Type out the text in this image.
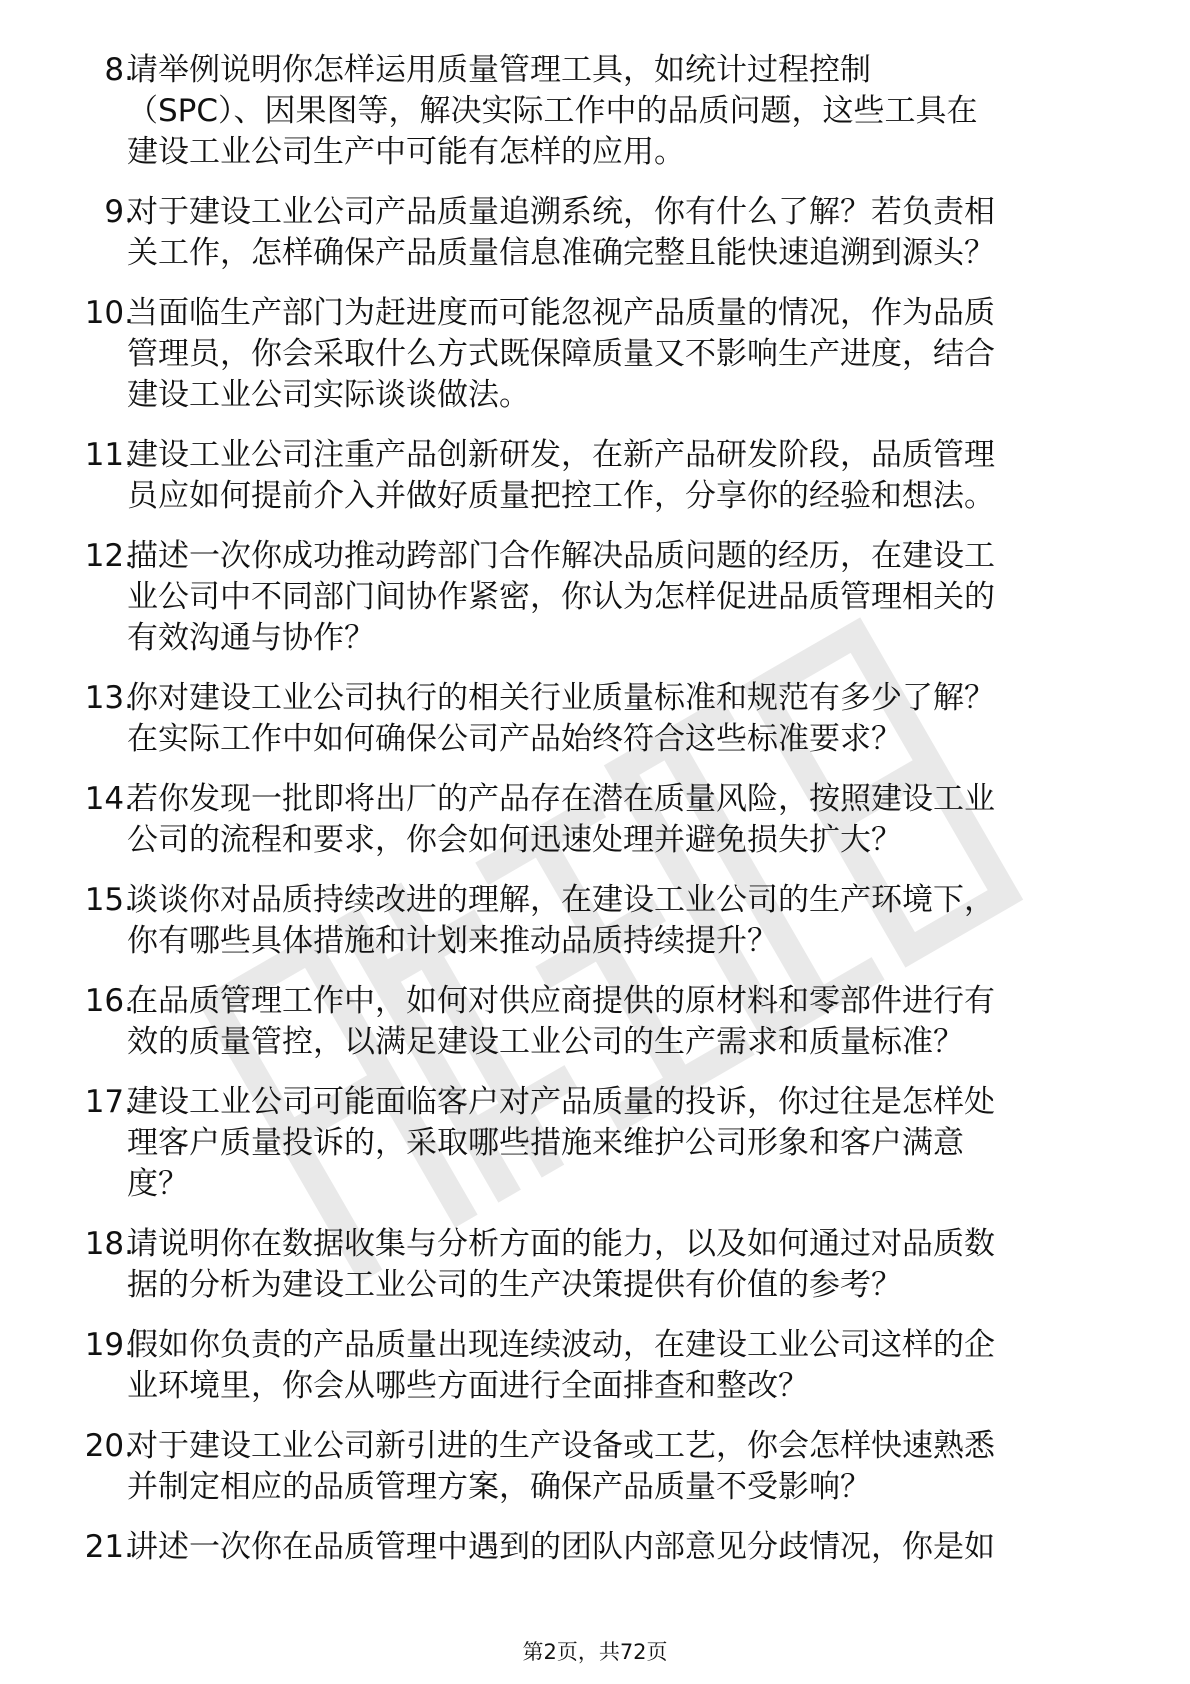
8.
请举例说明你怎样运用质量管理工具，如统计过程控制
（SPC）、因果图等，解决实际工作中的品质问题，这些工具在
建设工业公司生产中可能有怎样的应用。
9.
对于建设工业公司产品质量追溯系统，你有什么了解？若负责相
关工作，怎样确保产品质量信息准确完整且能快速追溯到源头？
10.
当面临生产部门为赶进度而可能忽视产品质量的情况，作为品质
管理员，你会采取什么方式既保障质量又不影响生产进度，结合
建设工业公司实际谈谈做法。
11.
建设工业公司注重产品创新研发，在新产品研发阶段，品质管理
员应如何提前介入并做好质量把控工作，分享你的经验和想法。
12.
描述一次你成功推动跨部门合作解决品质问题的经历，在建设工
业公司中不同部门间协作紧密，你认为怎样促进品质管理相关的
有效沟通与协作？
13.
你对建设工业公司执行的相关行业质量标准和规范有多少了解？
在实际工作中如何确保公司产品始终符合这些标准要求？
14.
若你发现一批即将出厂的产品存在潜在质量风险，按照建设工业
公司的流程和要求，你会如何迅速处理并避免损失扩大？
15.
谈谈你对品质持续改进的理解，在建设工业公司的生产环境下，
你有哪些具体措施和计划来推动品质持续提升？
16.
在品质管理工作中，如何对供应商提供的原材料和零部件进行有
效的质量管控，以满足建设工业公司的生产需求和质量标准？
17.
建设工业公司可能面临客户对产品质量的投诉，你过往是怎样处
理客户质量投诉的，采取哪些措施来维护公司形象和客户满意
度？
18.
请说明你在数据收集与分析方面的能力，以及如何通过对品质数
据的分析为建设工业公司的生产决策提供有价值的参考？
19.
假如你负责的产品质量出现连续波动，在建设工业公司这样的企
业环境里，你会从哪些方面进行全面排查和整改？
20.
对于建设工业公司新引进的生产设备或工艺，你会怎样快速熟悉
并制定相应的品质管理方案，确保产品质量不受影响？
21.
讲述一次你在品质管理中遇到的团队内部意见分歧情况，你是如
第2页，共72页
